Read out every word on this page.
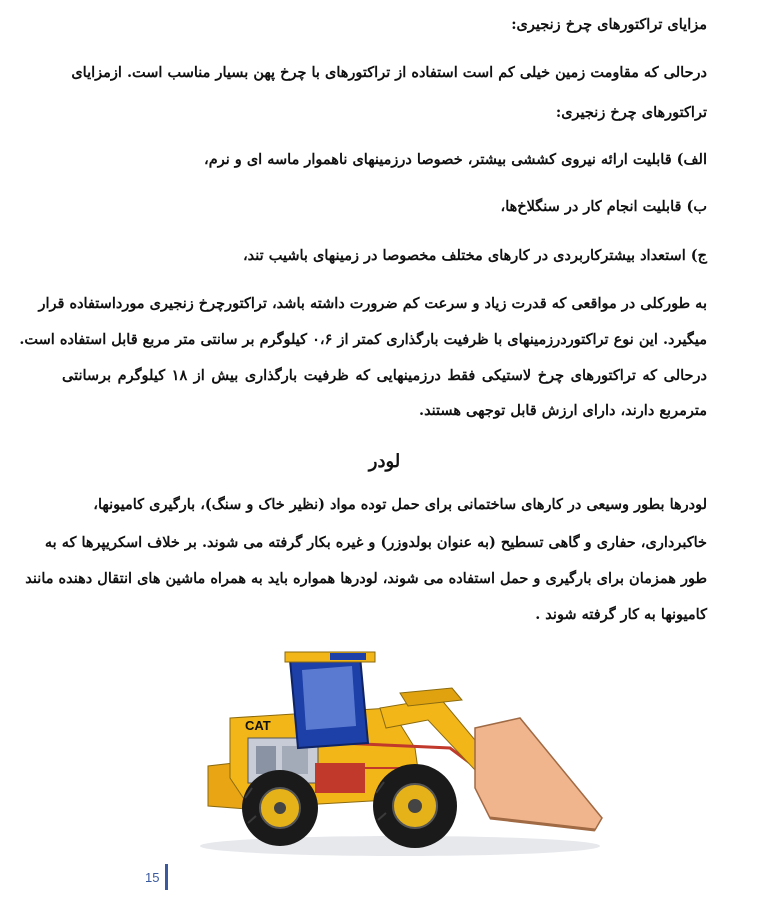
مزایای تراکتورهای چرخ زنجیری:
درحالی که مقاومت زمین خیلی کم است استفاده از تراکتورهای با چرخ پهن بسیار مناسب است. ازمزایای
تراکتورهای چرخ زنجیری:
الف) قابلیت ارائه نیروی کششی بیشتر، خصوصا درزمینهای ناهموار ماسه ای و نرم،
ب) قابلیت انجام کار در سنگلاخ‌ها،
ج) استعداد بیشترکاربردی در کارهای مختلف مخصوصا در زمینهای باشیب تند،
به طورکلی در مواقعی که قدرت زیاد و سرعت کم ضرورت داشته باشد، تراکتورچرخ زنجیری مورداستفاده قرار
میگیرد. این نوع تراکتوردرزمینهای با ظرفیت بارگذاری کمتر از ۰،۶ کیلوگرم بر سانتی متر مربع قابل استفاده است.
درحالی که تراکتورهای چرخ لاستیکی فقط درزمینهایی که ظرفیت بارگذاری بیش از ۱۸ کیلوگرم برسانتی
مترمربع دارند، دارای ارزش قابل توجهی هستند.
لودر
لودرها بطور وسیعی در کارهای ساختمانی برای حمل توده مواد (نظیر خاک و سنگ)، بارگیری کامیونها،
خاکبرداری، حفاری و گاهی تسطیح (به عنوان بولدوزر) و غیره بکار گرفته می شوند. بر خلاف اسکریپرها که به
طور همزمان برای بارگیری و حمل استفاده می شوند، لودرها همواره باید به همراه ماشین های انتقال دهنده مانند
کامیونها به کار گرفته شوند .
CAT
15
